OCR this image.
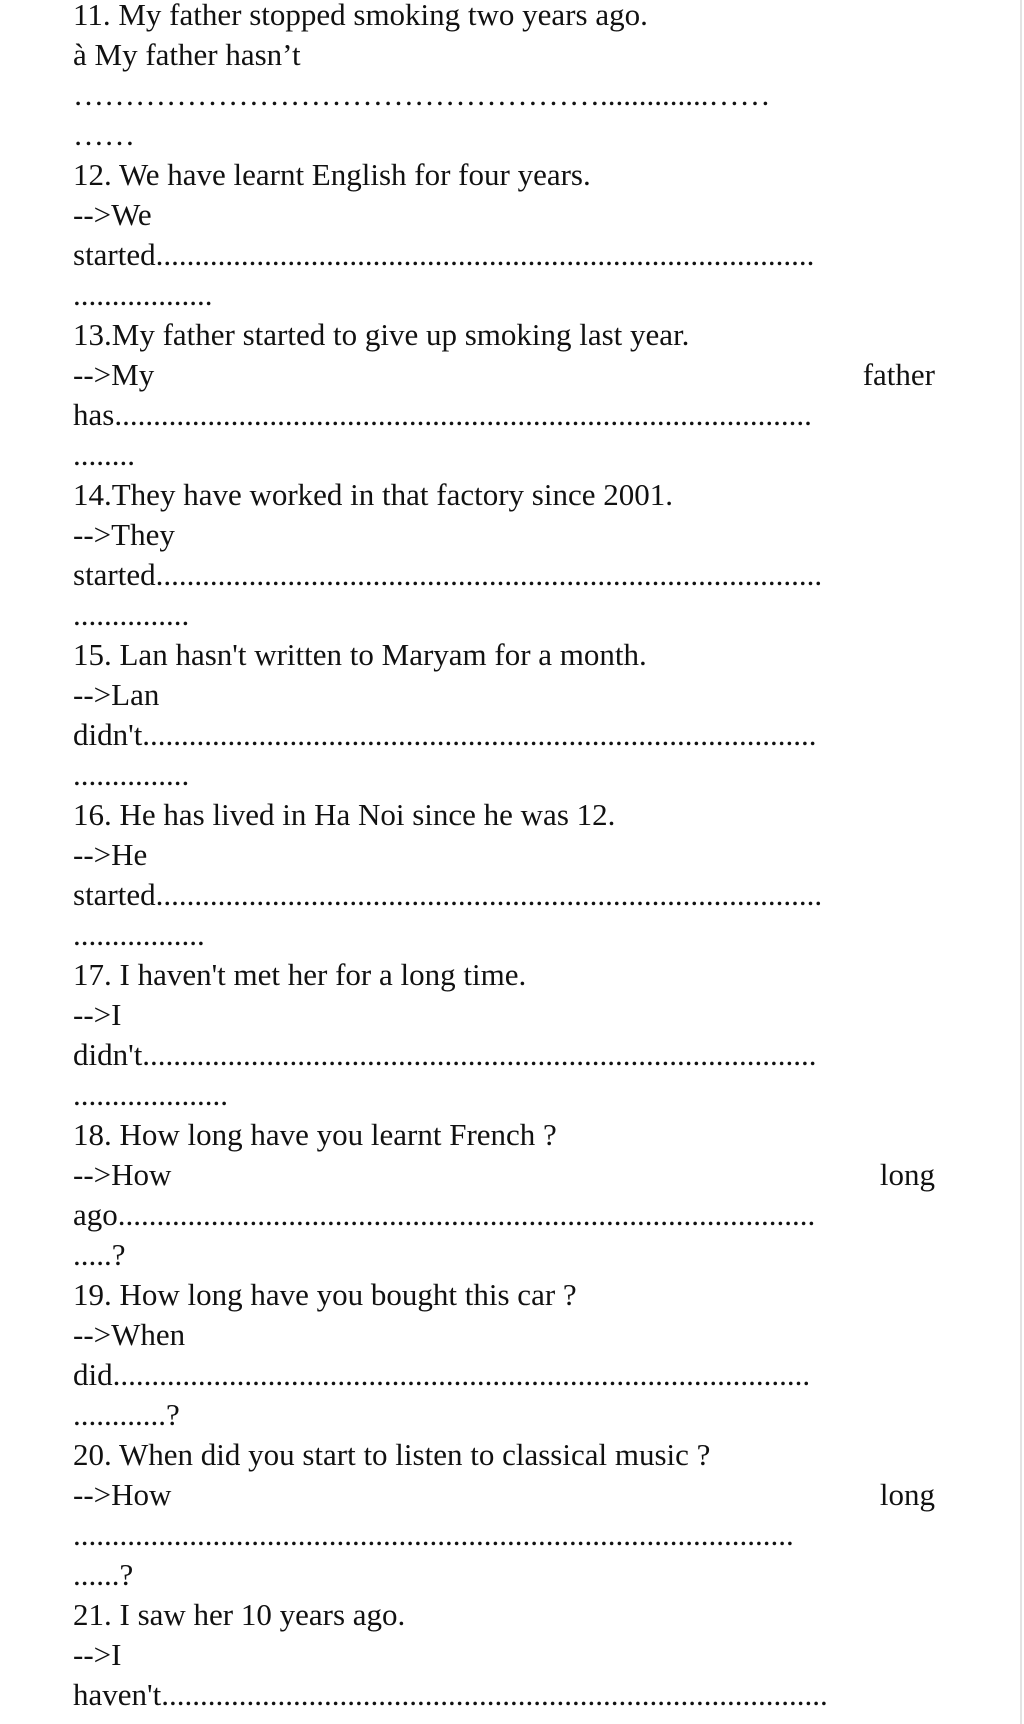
11. My father stopped smoking two years ago.
à My father hasn’t
……………………………………………..............……
……
12. We have learnt English for four years.
-->We
started.....................................................................................
..................
13.My father started to give up smoking last year.
-->My	father
has..........................................................................................
........
14.They have worked in that factory since 2001.
-->They
started......................................................................................
...............
15. Lan hasn't written to Maryam for a month.
-->Lan
didn't.......................................................................................
...............
16. He has lived in Ha Noi since he was 12.
-->He
started......................................................................................
.................
17. I haven't met her for a long time.
-->I
didn't.......................................................................................
....................
18. How long have you learnt French ?
-->How	long
ago..........................................................................................
.....?
19. How long have you bought this car ?
-->When
did..........................................................................................
............?
20. When did you start to listen to classical music ?
-->How	long
.............................................................................................
......?
21. I saw her 10 years ago.
-->I
haven't......................................................................................
